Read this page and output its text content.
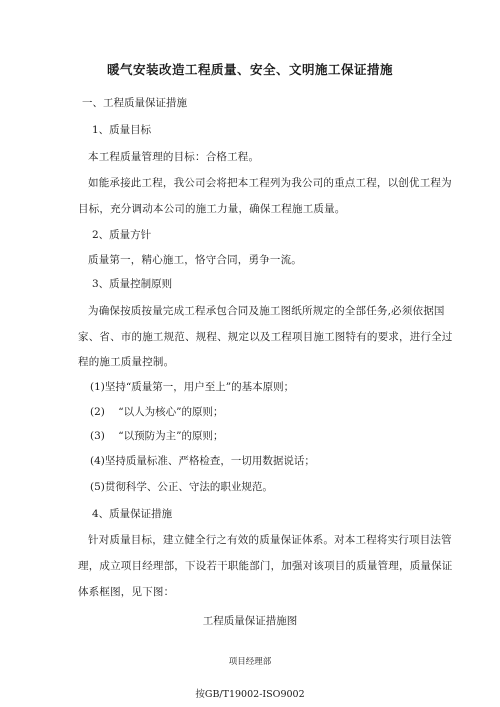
暖气安装改造工程质量、安全、文明施工保证措施
一、工程质量保证措施
1、质量目标
本工程质量管理的目标：合格工程。
如能承接此工程，我公司会将把本工程列为我公司的重点工程，以创优工程为
目标，充分调动本公司的施工力量，确保工程施工质量。
2、质量方针
质量第一，精心施工，恪守合同，勇争一流。
3、质量控制原则
为确保按质按量完成工程承包合同及施工图纸所规定的全部任务,必须依据国
家、省、市的施工规范、规程、规定以及工程项目施工图特有的要求，进行全过
程的施工质量控制。
(1)坚持“质量第一，用户至上”的基本原则；
(2)    “以人为核心”的原则；
(3)    “以预防为主”的原则；
(4)坚持质量标准、严格检查，一切用数据说话；
(5)贯彻科学、公正、守法的职业规范。
4、质量保证措施
针对质量目标，建立健全行之有效的质量保证体系。对本工程将实行项目法管
理，成立项目经理部，下设若干职能部门，加强对该项目的质量管理，质量保证
体系框图，见下图：
工程质量保证措施图
项目经理部
按GB/T19002-ISO9002
